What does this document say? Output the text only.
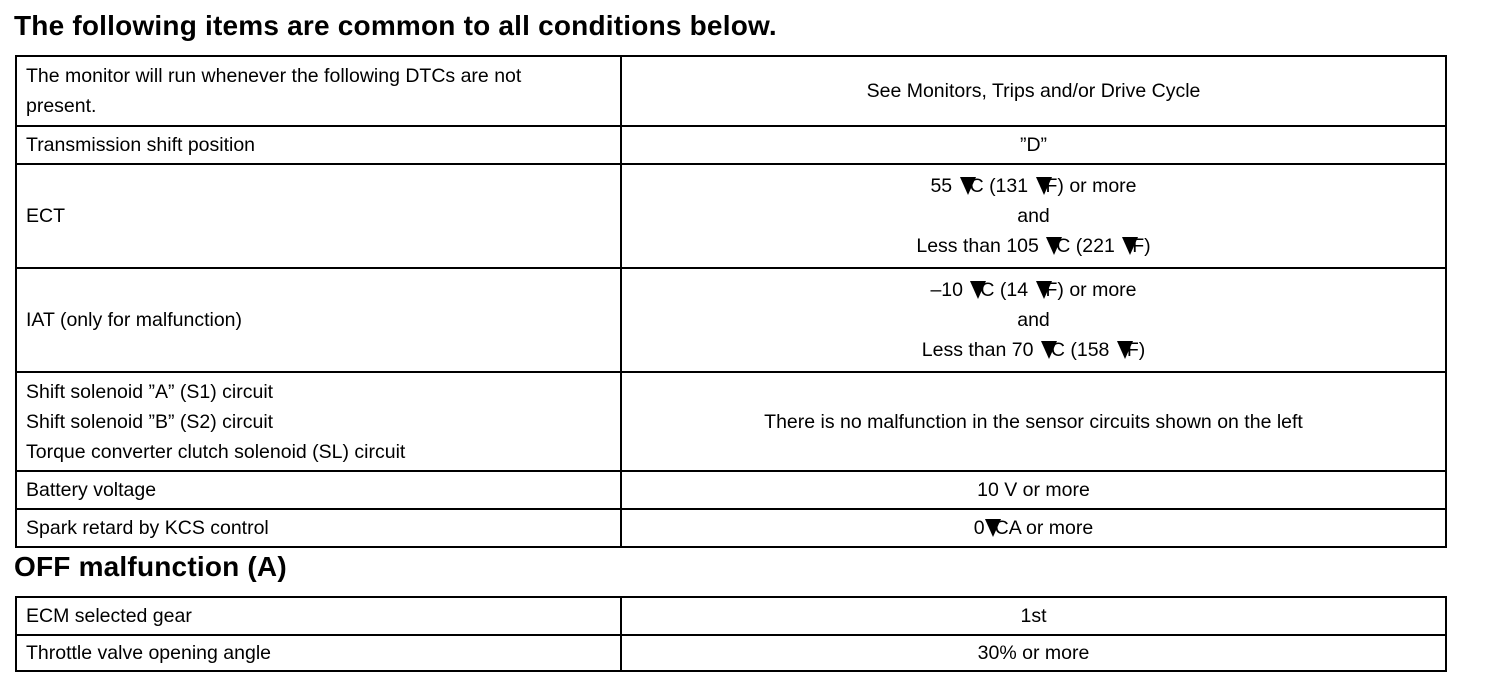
The following items are common to all conditions below.
The monitor will run whenever the following DTCs are not
present.	See Monitors, Trips and/or Drive Cycle
Transmission shift position	”D”
ECT	55 C (131 F) or more
and
Less than 105 C (221 F)

IAT (only for malfunction)	–10 C (14 F) or more
and
Less than 70 C (158 F)

Shift solenoid ”A” (S1) circuit
Shift solenoid ”B” (S2) circuit
Torque converter clutch solenoid (SL) circuit	There is no malfunction in the sensor circuits shown on the left
Battery voltage	10 V or more
Spark retard by KCS control	0 CA or more
OFF malfunction (A)
ECM selected gear	1st
Throttle valve opening angle	30% or more
